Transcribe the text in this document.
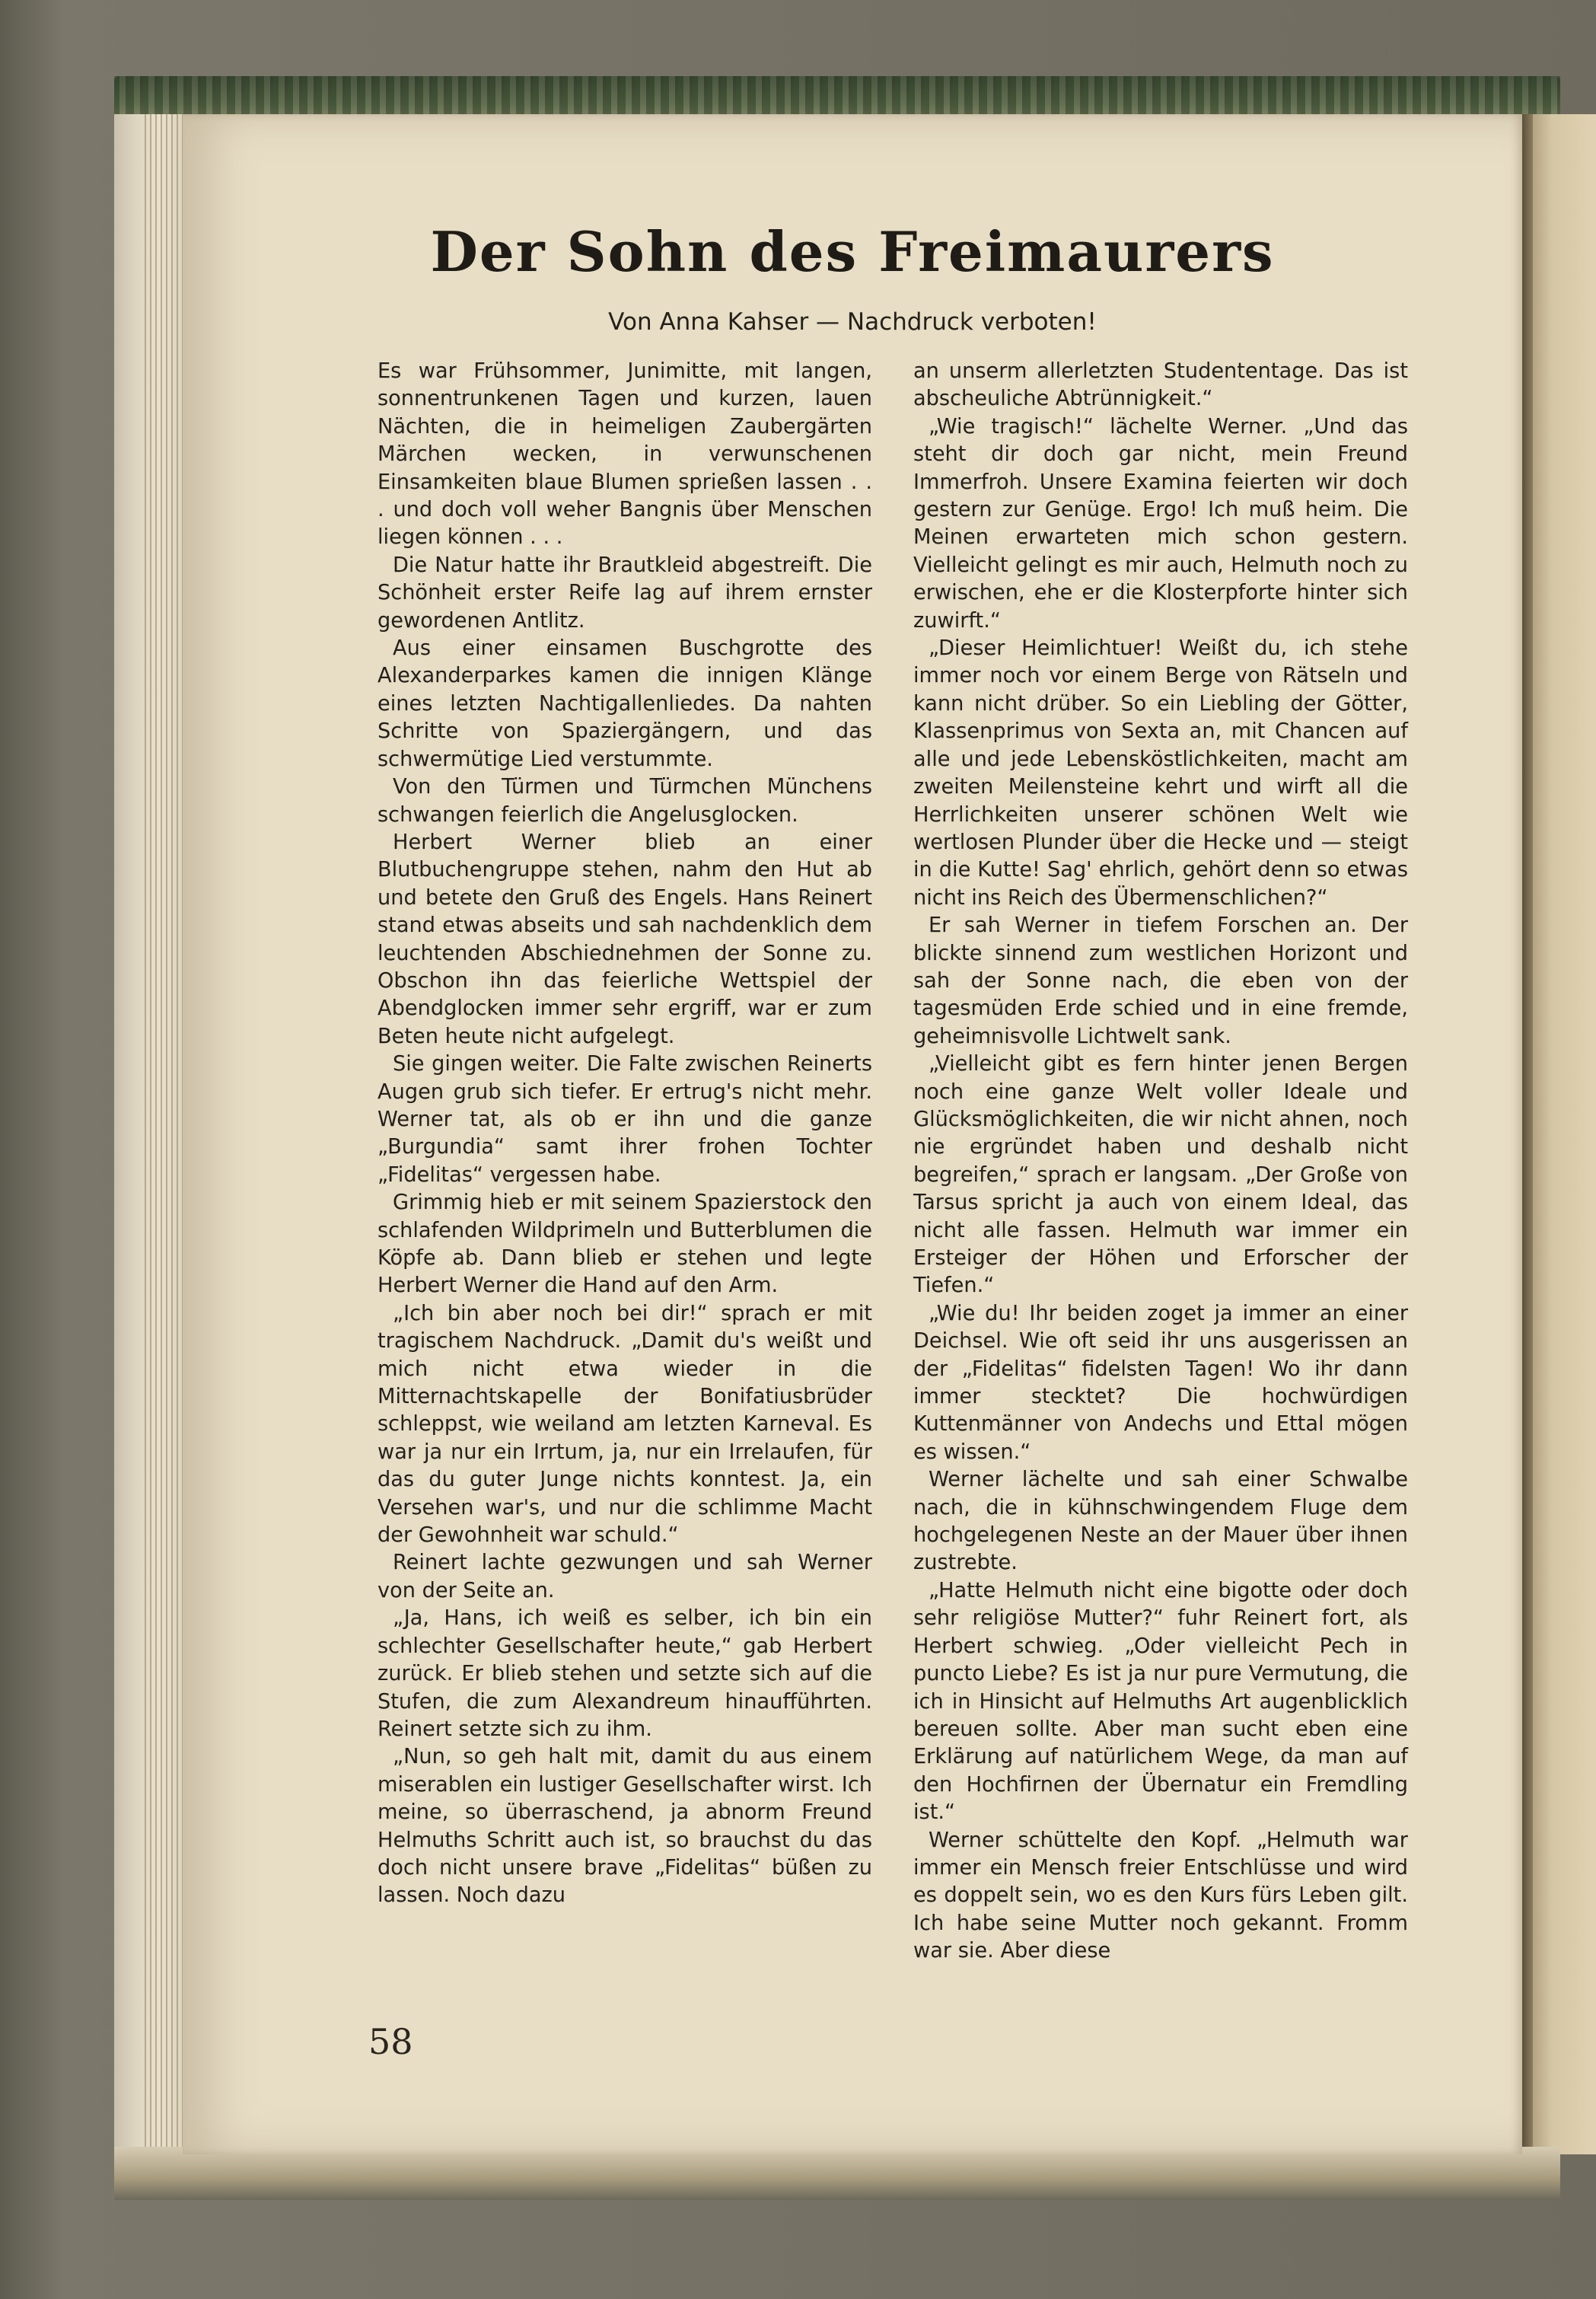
Der Sohn des Freimaurers
Von Anna Kahser — Nachdruck verboten!

Es war Frühsommer, Junimitte, mit langen, sonnentrunkenen Tagen und kurzen, lauen Nächten, die in heimeligen Zaubergärten Märchen wecken, in verwunschenen Einsamkeiten blaue Blumen sprießen lassen . . . und doch voll weher Bangnis über Menschen liegen können . . .

Die Natur hatte ihr Brautkleid abgestreift. Die Schönheit erster Reife lag auf ihrem ernster gewordenen Antlitz.

Aus einer einsamen Buschgrotte des Alexanderparkes kamen die innigen Klänge eines letzten Nachtigallenliedes. Da nahten Schritte von Spaziergängern, und das schwermütige Lied verstummte.

Von den Türmen und Türmchen Münchens schwangen feierlich die Angelusglocken.

Herbert Werner blieb an einer Blutbuchengruppe stehen, nahm den Hut ab und betete den Gruß des Engels. Hans Reinert stand etwas abseits und sah nachdenklich dem leuchtenden Abschiednehmen der Sonne zu. Obschon ihn das feierliche Wettspiel der Abendglocken immer sehr ergriff, war er zum Beten heute nicht aufgelegt.

Sie gingen weiter. Die Falte zwischen Reinerts Augen grub sich tiefer. Er ertrug's nicht mehr. Werner tat, als ob er ihn und die ganze „Burgundia“ samt ihrer frohen Tochter „Fidelitas“ vergessen habe.

Grimmig hieb er mit seinem Spazierstock den schlafenden Wildprimeln und Butterblumen die Köpfe ab. Dann blieb er stehen und legte Herbert Werner die Hand auf den Arm.

„Ich bin aber noch bei dir!“ sprach er mit tragischem Nachdruck. „Damit du's weißt und mich nicht etwa wieder in die Mitternachtskapelle der Bonifatiusbrüder schleppst, wie weiland am letzten Karneval. Es war ja nur ein Irrtum, ja, nur ein Irrelaufen, für das du guter Junge nichts konntest. Ja, ein Versehen war's, und nur die schlimme Macht der Gewohnheit war schuld.“

Reinert lachte gezwungen und sah Werner von der Seite an.

„Ja, Hans, ich weiß es selber, ich bin ein schlechter Gesellschafter heute,“ gab Herbert zurück. Er blieb stehen und setzte sich auf die Stufen, die zum Alexandreum hinaufführten. Reinert setzte sich zu ihm.

„Nun, so geh halt mit, damit du aus einem miserablen ein lustiger Gesellschafter wirst. Ich meine, so überraschend, ja abnorm Freund Helmuths Schritt auch ist, so brauchst du das doch nicht unsere brave „Fidelitas“ büßen zu lassen. Noch dazu

an unserm allerletzten Studententage. Das ist abscheuliche Abtrünnigkeit.“

„Wie tragisch!“ lächelte Werner. „Und das steht dir doch gar nicht, mein Freund Immerfroh. Unsere Examina feierten wir doch gestern zur Genüge. Ergo! Ich muß heim. Die Meinen erwarteten mich schon gestern. Vielleicht gelingt es mir auch, Helmuth noch zu erwischen, ehe er die Klosterpforte hinter sich zuwirft.“

„Dieser Heimlichtuer! Weißt du, ich stehe immer noch vor einem Berge von Rätseln und kann nicht drüber. So ein Liebling der Götter, Klassenprimus von Sexta an, mit Chancen auf alle und jede Lebensköstlichkeiten, macht am zweiten Meilensteine kehrt und wirft all die Herrlichkeiten unserer schönen Welt wie wertlosen Plunder über die Hecke und — steigt in die Kutte! Sag' ehrlich, gehört denn so etwas nicht ins Reich des Übermenschlichen?“

Er sah Werner in tiefem Forschen an. Der blickte sinnend zum westlichen Horizont und sah der Sonne nach, die eben von der tagesmüden Erde schied und in eine fremde, geheimnisvolle Lichtwelt sank.

„Vielleicht gibt es fern hinter jenen Bergen noch eine ganze Welt voller Ideale und Glücksmöglichkeiten, die wir nicht ahnen, noch nie ergründet haben und deshalb nicht begreifen,“ sprach er langsam. „Der Große von Tarsus spricht ja auch von einem Ideal, das nicht alle fassen. Helmuth war immer ein Ersteiger der Höhen und Erforscher der Tiefen.“

„Wie du! Ihr beiden zoget ja immer an einer Deichsel. Wie oft seid ihr uns ausgerissen an der „Fidelitas“ fidelsten Tagen! Wo ihr dann immer stecktet? Die hochwürdigen Kuttenmänner von Andechs und Ettal mögen es wissen.“

Werner lächelte und sah einer Schwalbe nach, die in kühnschwingendem Fluge dem hochgelegenen Neste an der Mauer über ihnen zustrebte.

„Hatte Helmuth nicht eine bigotte oder doch sehr religiöse Mutter?“ fuhr Reinert fort, als Herbert schwieg. „Oder vielleicht Pech in puncto Liebe? Es ist ja nur pure Vermutung, die ich in Hinsicht auf Helmuths Art augenblicklich bereuen sollte. Aber man sucht eben eine Erklärung auf natürlichem Wege, da man auf den Hochfirnen der Übernatur ein Fremdling ist.“

Werner schüttelte den Kopf. „Helmuth war immer ein Mensch freier Entschlüsse und wird es doppelt sein, wo es den Kurs fürs Leben gilt. Ich habe seine Mutter noch gekannt. Fromm war sie. Aber diese

58
